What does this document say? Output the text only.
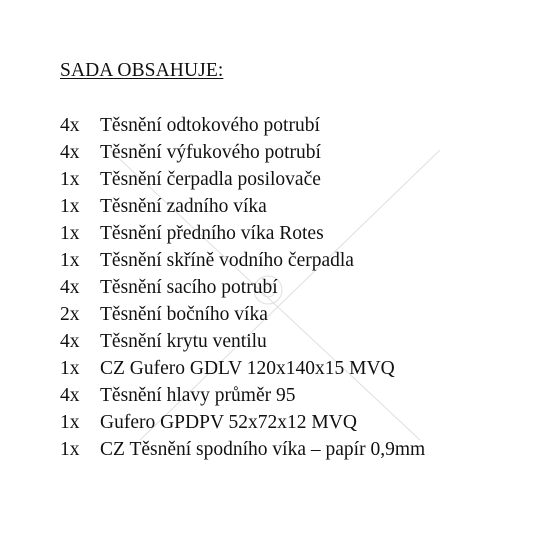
SADA OBSAHUJE:
4x	Těsnění odtokového potrubí
4x	Těsnění výfukového potrubí
1x	Těsnění čerpadla posilovače
1x	Těsnění zadního víka
1x	Těsnění předního víka Rotes
1x	Těsnění skříně vodního čerpadla
4x	Těsnění sacího potrubí
2x	Těsnění bočního víka
4x	Těsnění krytu ventilu
1x	CZ Gufero GDLV 120x140x15 MVQ
4x	Těsnění hlavy průměr 95
1x	Gufero GPDPV 52x72x12 MVQ
1x	CZ Těsnění spodního víka – papír 0,9mm
